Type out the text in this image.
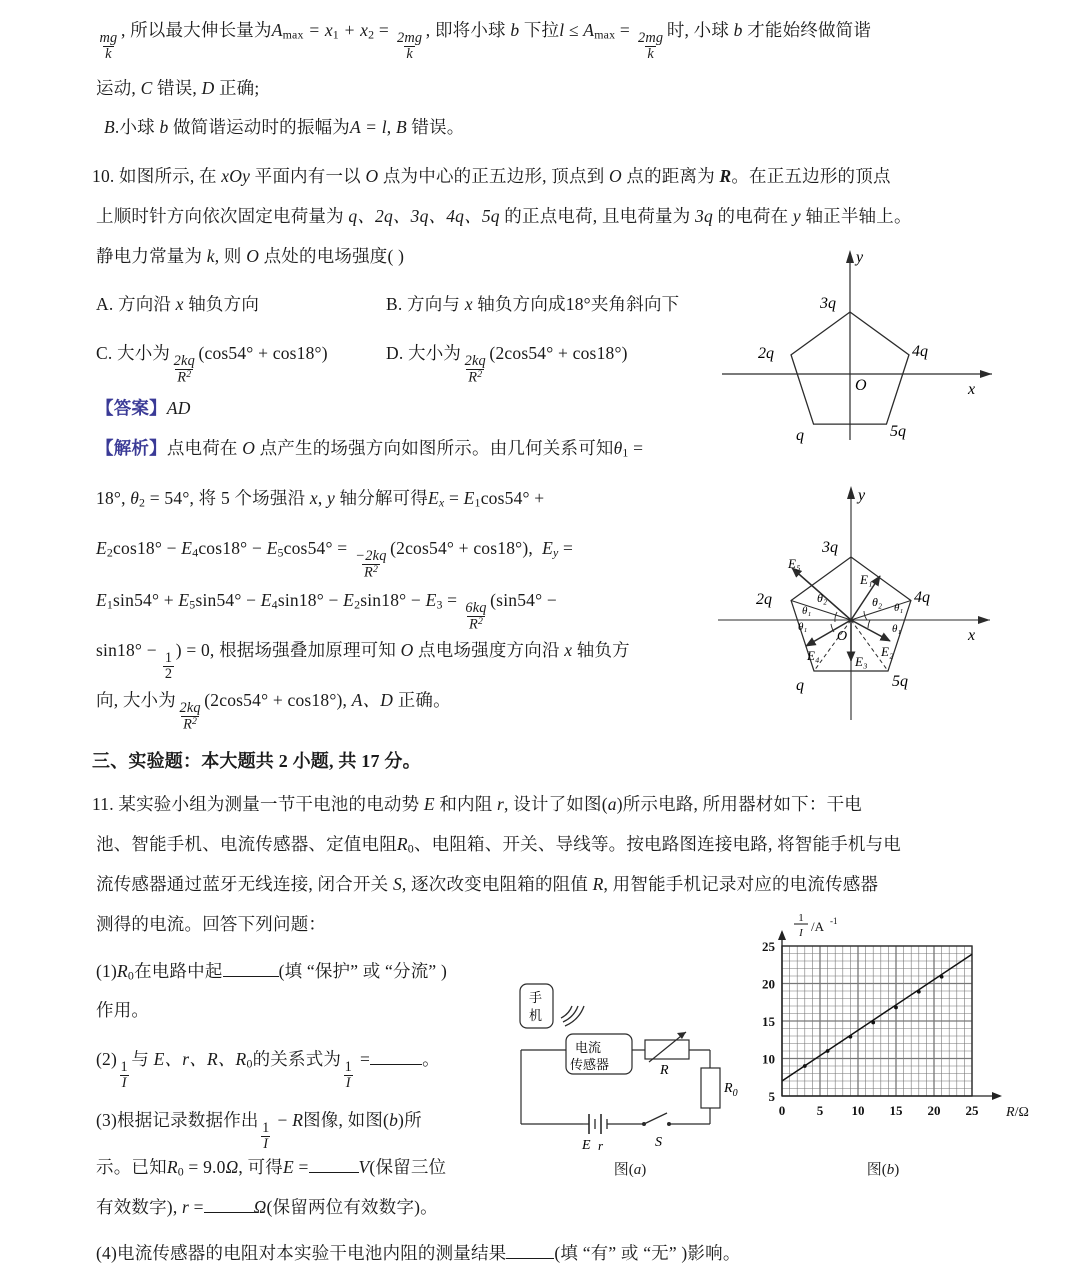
$\frac{mg}{k}$
, 所以最大伸长量为$A_{max} = x_1 + x_2$ =
$\frac{2mg}{k}$
, 即将小球 b 下拉$l \le A_{max}$ =
$\frac{2mg}{k}$
时, 小球 b 才能始终做简谐
运动, C 错误, D 正确;
B.小球 b 做简谐运动时的振幅为A = l, B 错误。
10. 如图所示, 在 xOy 平面内有一以 O 点为中心的正五边形, 顶点到 O 点的距离为 R。在正五边形的顶点
上顺时针方向依次固定电荷量为 q、2q、3q、4q、5q 的正点电荷, 且电荷量为 3q 的电荷在 y 轴正半轴上。
静电力常量为 k, 则 O 点处的电场强度( )
A. 方向沿 x 轴负方向	B. 方向与 x 轴负方向成18°夹角斜向下
C. 大小为
$\frac{2kq}{R^2}$
(cos54° + cos18°)	D. 大小为
$\frac{2kq}{R^2}$
(2cos54° + cos18°)
【答案】AD
【解析】点电荷在 O 点产生的场强方向如图所示。由几何关系可知$\theta_1$ =
18°, $\theta_2 = 54^\circ$, 将 5 个场强沿 x, y 轴分解可得$E_x = E_1\cos 54^\circ$ +
$E_2\cos 18^\circ - E_4\cos 18^\circ - E_5\cos 54^\circ$ =
$\frac{-2kq}{R^2}$
(2cos54° + cos18°),  $E_y$ =
$E_1\sin 54^\circ + E_5\sin 54^\circ - E_4\sin 18^\circ - E_2\sin 18^\circ - E_3$ =
$\frac{6kq}{R^2}$
(sin54° −
sin18° −
$\frac{1}{2}$
) = 0, 根据场强叠加原理可知 O 点电场强度方向沿 x 轴负方
向, 大小为
$\frac{2kq}{R^2}$
(2cos54° + cos18°), A、D 正确。
x
y
O
3q
4q
5q
q
2q
y
x
E₁
E₂
E₃
E₄
E₅
θ₂
θ₁
θ₁
θ₂ θ₁
θ₁
O
3q
4q
5q
q
2q
三、实验题：本大题共 2 小题, 共 17 分。
11. 某实验小组为测量一节干电池的电动势 E 和内阻 r, 设计了如图(a)所示电路, 所用器材如下：干电
池、智能手机、电流传感器、定值电阻$R_0$、电阻箱、开关、导线等。按电路图连接电路, 将智能手机与电
流传感器通过蓝牙无线连接, 闭合开关 S, 逐次改变电阻箱的阻值 R, 用智能手机记录对应的电流传感器
测得的电流。回答下列问题：
$(1)R_0$在电路中起	(填 “保护” 或 “分流” )
作用。
(2)
$\frac{1}{I}$
与 E、r、R、$R_0$的关系式为
$\frac{1}{I}$
=	。
(3)根据记录数据作出
$\frac{1}{I}$
− R图像, 如图(b)所
示。已知$R_0 = 9.0\Omega$, 可得E =	V(保留三位
有效数字), r =	Ω(保留两位有效数字)。
(4)电流传感器的电阻对本实验干电池内阻的测量结果	(填 “有” 或 “无” )影响。
手
机
电流
传感器	R
$R_0$
E r	S
图(a)
0 5 10 15 20 25
5
10
15
20
25
R/Ω
1
I /A -1
图(b)
